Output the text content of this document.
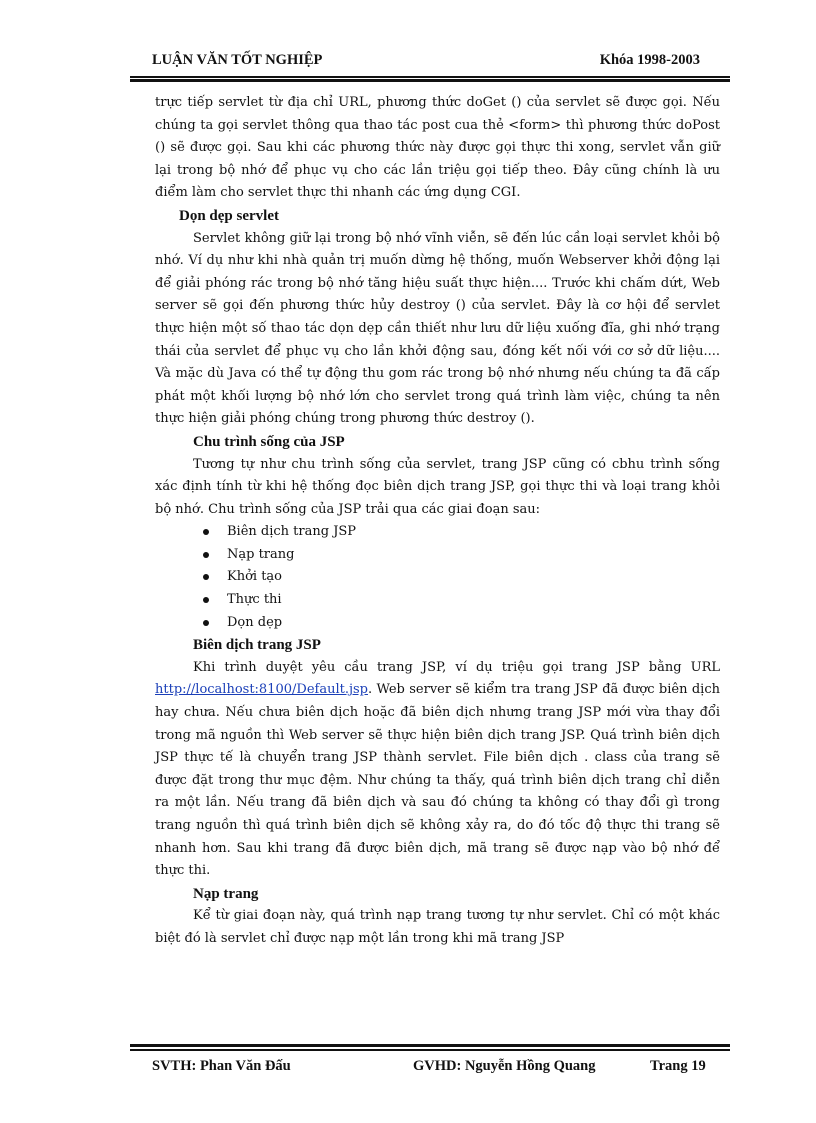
LUẬN VĂN TỐT NGHIỆP	Khóa 1998-2003

trực tiếp servlet từ địa chỉ URL, phương thức doGet () của servlet sẽ được gọi. Nếu chúng ta gọi servlet thông qua thao tác post cua thẻ <form> thì phương thức doPost () sẽ được gọi. Sau khi các phương thức này được gọi thực thi xong, servlet vẫn giữ lại trong bộ nhớ để phục vụ cho các lần triệu gọi tiếp theo. Đây cũng chính là ưu điểm làm cho servlet thực thi nhanh các ứng dụng CGI.

Dọn dẹp servlet

Servlet không giữ lại trong bộ nhớ vĩnh viễn, sẽ đến lúc cần loại servlet khỏi bộ nhớ. Ví dụ như khi nhà quản trị muốn dừng hệ thống, muốn Webserver khởi động lại để giải phóng rác trong bộ nhớ tăng hiệu suất thực hiện.... Trước khi chấm dứt, Web server sẽ gọi đến phương thức hủy destroy () của servlet. Đây là cơ hội để servlet thực hiện một số thao tác dọn dẹp cần thiết như lưu dữ liệu xuống đĩa, ghi nhớ trạng thái của servlet để phục vụ cho lần khởi động sau, đóng kết nối với cơ sở dữ liệu.... Và mặc dù Java có thể tự động thu gom rác trong bộ nhớ nhưng nếu chúng ta đã cấp phát một khối lượng bộ nhớ lớn cho servlet trong quá trình làm việc, chúng ta nên thực hiện giải phóng chúng trong phương thức destroy ().

Chu trình sống của JSP

Tương tự như chu trình sống của servlet, trang JSP cũng có cbhu trình sống xác định tính từ khi hệ thống đọc biên dịch trang JSP, gọi thực thi và loại trang khỏi bộ nhớ. Chu trình sống của JSP trải qua các giai đoạn sau:

Biên dịch trang JSP
Nạp trang
Khởi tạo
Thực thi
Dọn dẹp
Biên dịch trang JSP

Khi trình duyệt yêu cầu trang JSP, ví dụ triệu gọi trang JSP bằng URL http://localhost:8100/Default.jsp. Web server sẽ kiểm tra trang JSP đã được biên dịch hay chưa. Nếu chưa biên dịch hoặc đã biên dịch nhưng trang JSP mới vừa thay đổi trong mã nguồn thì Web server sẽ thực hiện biên dịch trang JSP. Quá trình biên dịch JSP thực tế là chuyển trang JSP thành servlet. File biên dịch . class của trang sẽ được đặt trong thư mục đệm. Như chúng ta thấy, quá trình biên dịch trang chỉ diễn ra một lần. Nếu trang đã biên dịch và sau đó chúng ta không có thay đổi gì trong trang nguồn thì quá trình biên dịch sẽ không xảy ra, do đó tốc độ thực thi trang sẽ nhanh hơn. Sau khi trang đã được biên dịch, mã trang sẽ được nạp vào bộ nhớ để thực thi.

Nạp trang

Kể từ giai đoạn này, quá trình nạp trang tương tự như servlet. Chỉ có một khác biệt đó là servlet chỉ được nạp một lần trong khi mã trang JSP

SVTH: Phan Văn Đấu	GVHD: Nguyễn Hồng Quang	Trang 19
